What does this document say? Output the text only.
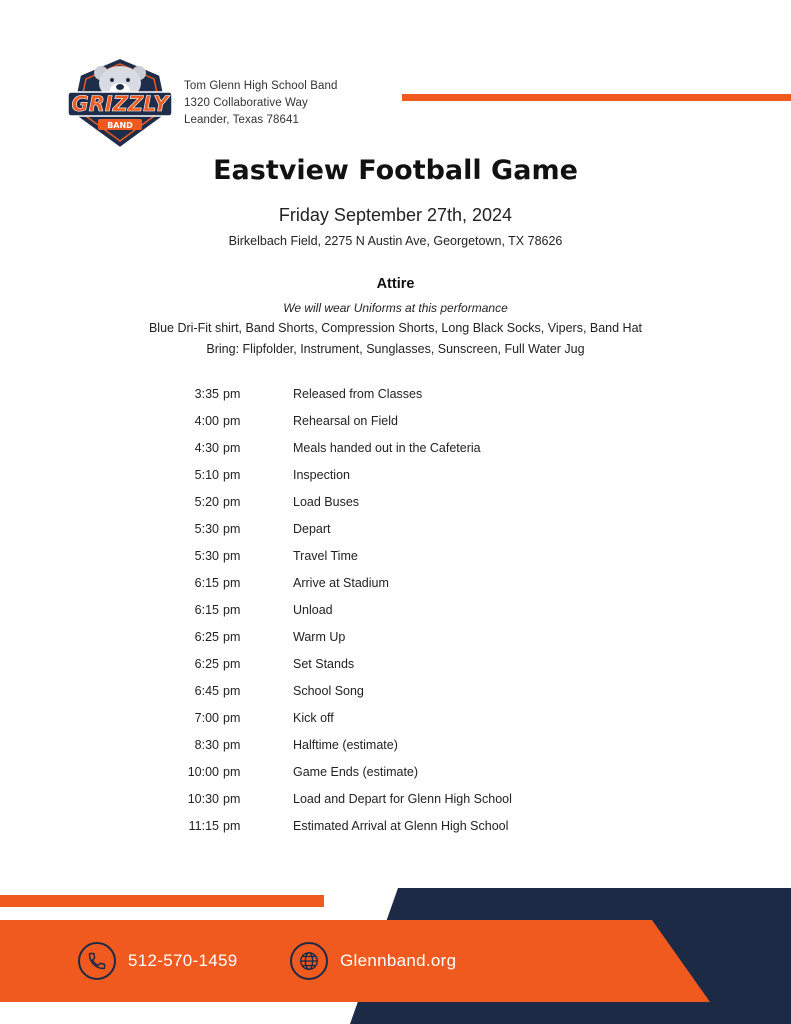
GRIZZLY
BAND
Tom Glenn High School Band
1320 Collaborative Way
Leander, Texas 78641
Eastview Football Game
Friday September 27th, 2024
Birkelbach Field, 2275 N Austin Ave, Georgetown, TX 78626
Attire
We will wear Uniforms at this performance
Blue Dri-Fit shirt, Band Shorts, Compression Shorts, Long Black Socks, Vipers, Band Hat
Bring: Flipfolder, Instrument, Sunglasses, Sunscreen, Full Water Jug
3:35 pm	Released from Classes
4:00 pm	Rehearsal on Field
4:30 pm	Meals handed out in the Cafeteria
5:10 pm	Inspection
5:20 pm	Load Buses
5:30 pm	Depart
5:30 pm	Travel Time
6:15 pm	Arrive at Stadium
6:15 pm	Unload
6:25 pm	Warm Up
6:25 pm	Set Stands
6:45 pm	School Song
7:00 pm	Kick off
8:30 pm	Halftime (estimate)
10:00 pm	Game Ends (estimate)
10:30 pm	Load and Depart for Glenn High School
11:15 pm	Estimated Arrival at Glenn High School
512-570-1459	Glennband.org
